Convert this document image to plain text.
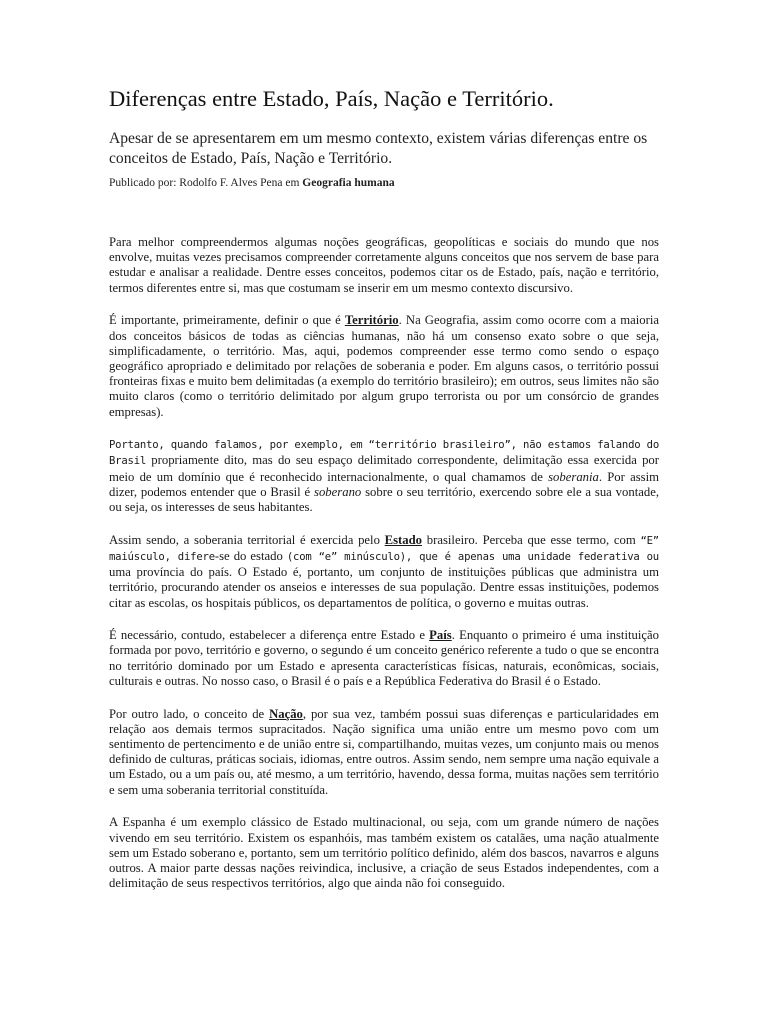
Diferenças entre Estado, País, Nação e Território.

Apesar de se apresentarem em um mesmo contexto, existem várias diferenças entre os conceitos de Estado, País, Nação e Território.

Publicado por: Rodolfo F. Alves Pena em Geografia humana

Para melhor compreendermos algumas noções geográficas, geopolíticas e sociais do mundo que nos envolve, muitas vezes precisamos compreender corretamente alguns conceitos que nos servem de base para estudar e analisar a realidade. Dentre esses conceitos, podemos citar os de Estado, país, nação e território, termos diferentes entre si, mas que costumam se inserir em um mesmo contexto discursivo.

É importante, primeiramente, definir o que é Território. Na Geografia, assim como ocorre com a maioria dos conceitos básicos de todas as ciências humanas, não há um consenso exato sobre o que seja, simplificadamente, o território. Mas, aqui, podemos compreender esse termo como sendo o espaço geográfico apropriado e delimitado por relações de soberania e poder. Em alguns casos, o território possui fronteiras fixas e muito bem delimitadas (a exemplo do território brasileiro); em outros, seus limites não são muito claros (como o território delimitado por algum grupo terrorista ou por um consórcio de grandes empresas).

Portanto, quando falamos, por exemplo, em “território brasileiro”, não estamos falando do Brasil propriamente dito, mas do seu espaço delimitado correspondente, delimitação essa exercida por meio de um domínio que é reconhecido internacionalmente, o qual chamamos de soberania. Por assim dizer, podemos entender que o Brasil é soberano sobre o seu território, exercendo sobre ele a sua vontade, ou seja, os interesses de seus habitantes.

Assim sendo, a soberania territorial é exercida pelo Estado brasileiro. Perceba que esse termo, com “E” maiúsculo, difere-se do estado (com “e” minúsculo), que é apenas uma unidade federativa ou uma província do país. O Estado é, portanto, um conjunto de instituições públicas que administra um território, procurando atender os anseios e interesses de sua população. Dentre essas instituições, podemos citar as escolas, os hospitais públicos, os departamentos de política, o governo e muitas outras.

É necessário, contudo, estabelecer a diferença entre Estado e País. Enquanto o primeiro é uma instituição formada por povo, território e governo, o segundo é um conceito genérico referente a tudo o que se encontra no território dominado por um Estado e apresenta características físicas, naturais, econômicas, sociais, culturais e outras. No nosso caso, o Brasil é o país e a República Federativa do Brasil é o Estado.

Por outro lado, o conceito de Nação, por sua vez, também possui suas diferenças e particularidades em relação aos demais termos supracitados. Nação significa uma união entre um mesmo povo com um sentimento de pertencimento e de união entre si, compartilhando, muitas vezes, um conjunto mais ou menos definido de culturas, práticas sociais, idiomas, entre outros. Assim sendo, nem sempre uma nação equivale a um Estado, ou a um país ou, até mesmo, a um território, havendo, dessa forma, muitas nações sem território e sem uma soberania territorial constituída.

A Espanha é um exemplo clássico de Estado multinacional, ou seja, com um grande número de nações vivendo em seu território. Existem os espanhóis, mas também existem os catalães, uma nação atualmente sem um Estado soberano e, portanto, sem um território político definido, além dos bascos, navarros e alguns outros. A maior parte dessas nações reivindica, inclusive, a criação de seus Estados independentes, com a delimitação de seus respectivos territórios, algo que ainda não foi conseguido.
